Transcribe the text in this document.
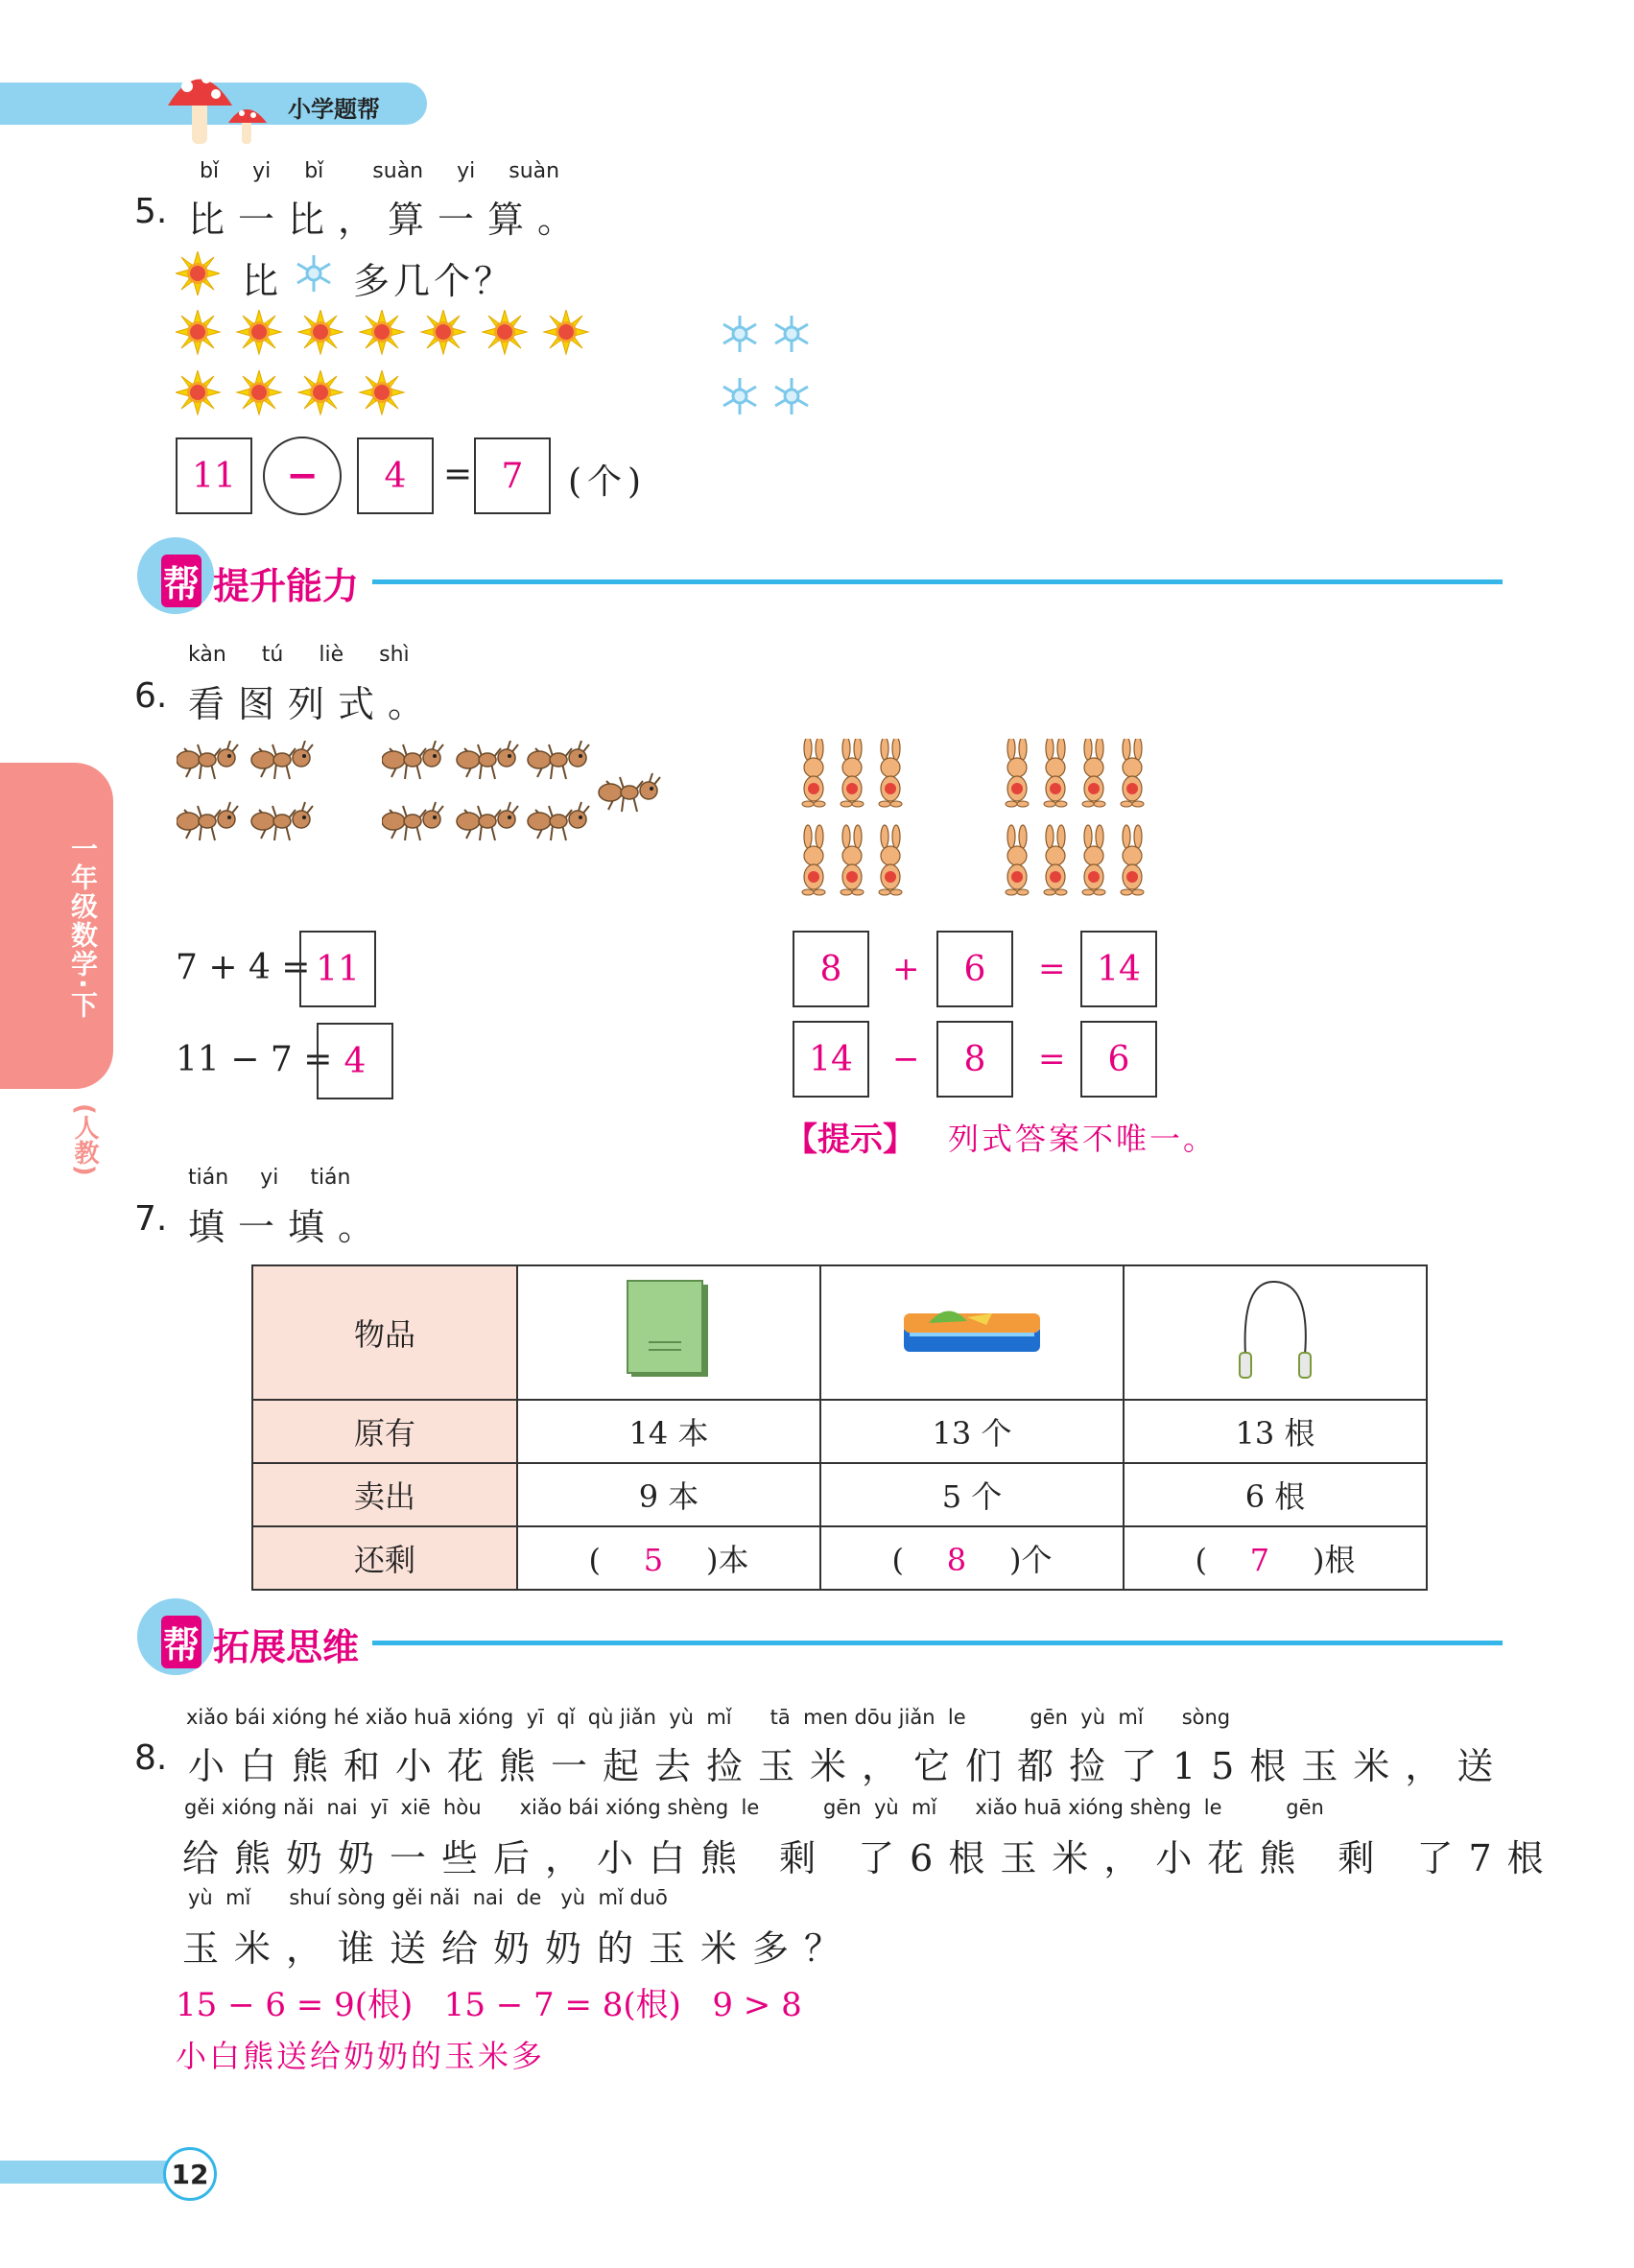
小学题帮
一年级数学·下
(人教)
bǐ yi bǐ suàn yi suàn
5. 比一比，算一算。
比 多几个？
11	−	4	= 7	(个)
帮 提升能力
kàn tú liè shì
6. 看图列式。
7 + 4 = 11
11 − 7 = 4
8	+	6	= 14
14	−	8	=	6
【提示】 列式答案不唯一。
tián yi tián
7. 填一填。
物品			
原有	14 本	13 个	13 根
卖出	9 本	5 个	6 根
还剩	( 5 )本	( 8 )个	( 7 )根
帮 拓展思维
xiǎo bái xióng hé xiǎo huā xióng  yī  qǐ  qù jiǎn  yù  mǐ      tā  men dōu jiǎn  le          gēn  yù  mǐ      sòng
8. 小白熊和小花熊一起去捡玉米，它们都捡了15根玉米，送
gěi xióng nǎi  nai  yī  xiē  hòu      xiǎo bái xióng shèng  le          gēn  yù  mǐ      xiǎo huā xióng shèng  le          gēn
给熊奶奶一些后，小白熊 剩 了6根玉米，小花熊 剩 了7根
yù  mǐ      shuí sòng gěi nǎi  nai  de   yù  mǐ duō
玉米，谁送给奶奶的玉米多？
15 − 6 = 9(根)   15 − 7 = 8(根)   9 > 8
小白熊送给奶奶的玉米多
12
